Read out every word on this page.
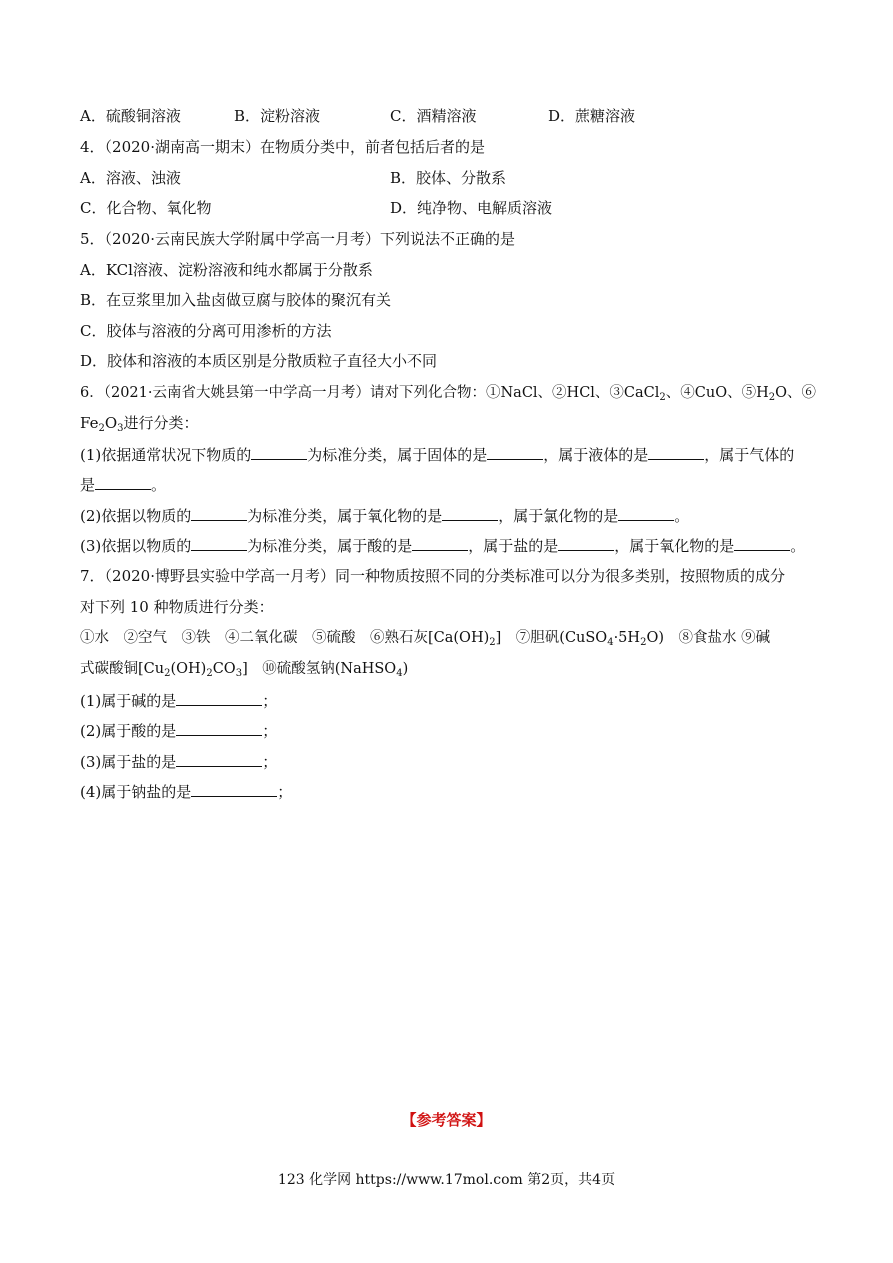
A．硫酸铜溶液	B．淀粉溶液	C．酒精溶液	D．蔗糖溶液
4．（2020·湖南高一期末）在物质分类中，前者包括后者的是
A．溶液、浊液	B．胶体、分散系
C．化合物、氧化物	D．纯净物、电解质溶液
5．（2020·云南民族大学附属中学高一月考）下列说法不正确的是
A．KCl溶液、淀粉溶液和纯水都属于分散系
B．在豆浆里加入盐卤做豆腐与胶体的聚沉有关
C．胶体与溶液的分离可用渗析的方法
D．胶体和溶液的本质区别是分散质粒子直径大小不同
6．（2021·云南省大姚县第一中学高一月考）请对下列化合物：①NaCl、②HCl、③CaCl$_2$、④CuO、$⑤H_2O$、⑥
$Fe_2O_3$进行分类：
(1)依据通常状况下物质的	为标准分类，属于固体的是	，属于液体的是	，属于气体的
是	。
(2)依据以物质的	为标准分类，属于氧化物的是	，属于氯化物的是	。
(3)依据以物质的	为标准分类，属于酸的是	，属于盐的是	，属于氧化物的是	。
7．（2020·博野县实验中学高一月考）同一种物质按照不同的分类标准可以分为很多类别，按照物质的成分
对下列 10 种物质进行分类：
①水　②空气　③铁　④二氧化碳　⑤硫酸　⑥熟石灰$[Ca(OH)_2]$　⑦胆矾$(CuSO_4\cdot 5H_2O)$　⑧食盐水 ⑨碱
式碳酸铜$[Cu_2(OH)_2CO_3]$　⑩硫酸氢钠(NaHSO$_4$)
(1)属于碱的是	；
(2)属于酸的是	；
(3)属于盐的是	；
(4)属于钠盐的是	；
【参考答案】
123 化学网 https://www.17mol.com 第2页，共4页
